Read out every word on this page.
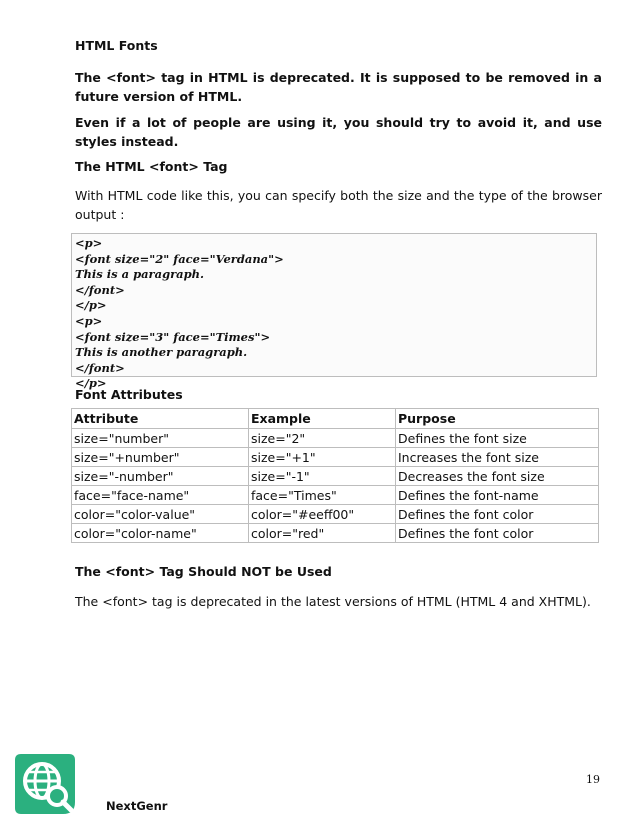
HTML Fonts
The <font> tag in HTML is deprecated. It is supposed to be removed in a future version of HTML.
Even if a lot of people are using it, you should try to avoid it, and use styles instead.
The HTML <font> Tag
With HTML code like this, you can specify both the size and the type of the browser output :
<p>
<font size="2" face="Verdana">
This is a paragraph.
</font>
</p>
<p>
<font size="3" face="Times">
This is another paragraph.
</font>
</p>
Font Attributes
Attribute	Example	Purpose
size="number"	size="2"	Defines the font size
size="+number"	size="+1"	Increases the font size
size="-number"	size="-1"	Decreases the font size
face="face-name"	face="Times"	Defines the font-name
color="color-value"	color="#eeff00"	Defines the font color
color="color-name"	color="red"	Defines the font color
The <font> Tag Should NOT be Used
The <font> tag is deprecated in the latest versions of HTML (HTML 4 and XHTML).
19
NextGenr
